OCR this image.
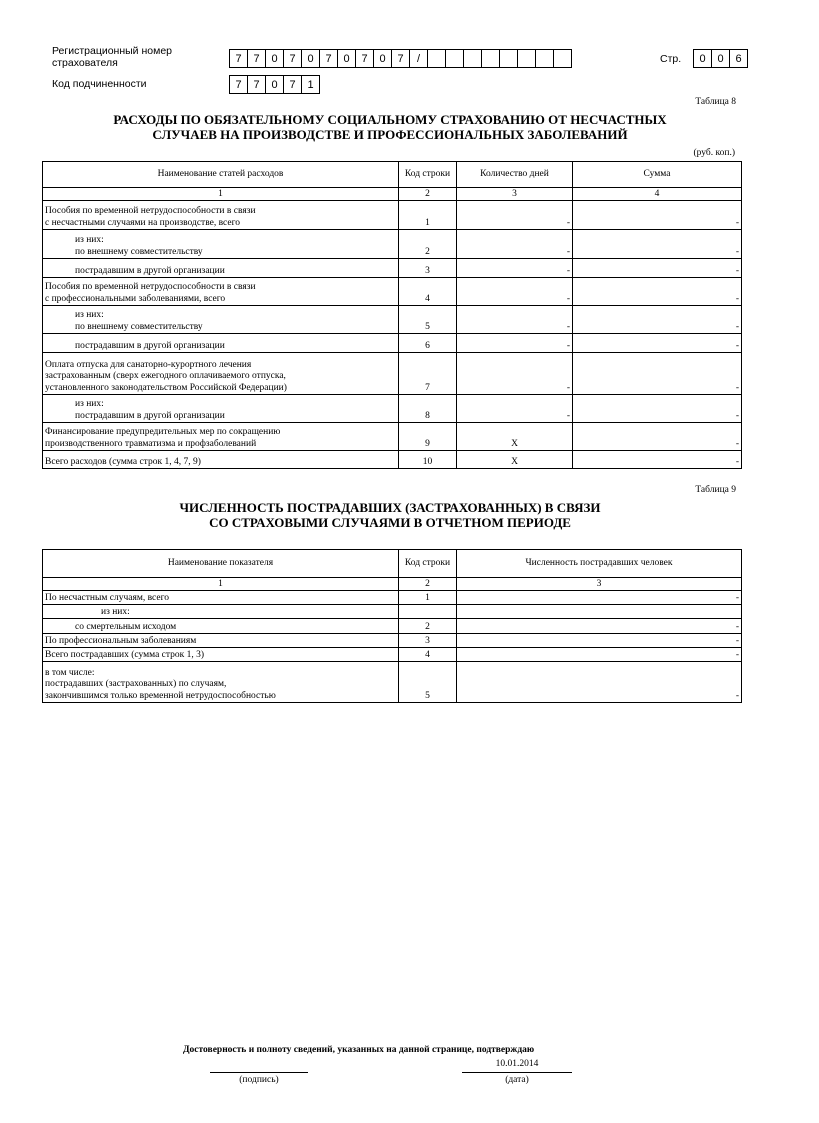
Регистрационный номер страхователя	7	7	0	7	0	7	0	7	0	7	/
Код подчиненности	7	7	0	7	1
Стр.	0	0	6
Таблица 8
РАСХОДЫ ПО ОБЯЗАТЕЛЬНОМУ СОЦИАЛЬНОМУ СТРАХОВАНИЮ ОТ НЕСЧАСТНЫХ
СЛУЧАЕВ НА ПРОИЗВОДСТВЕ И ПРОФЕССИОНАЛЬНЫХ ЗАБОЛЕВАНИЙ
(руб. коп.)
Наименование статей расходов	Код строки	Количество дней	Сумма
1	2	3	4

Пособия по временной нетрудоспособности в связи
с несчастными случаями на производстве, всего	1	-	-

из них:
по внешнему совместительству	2	-	-

пострадавшим в другой организации	3	-	-

Пособия по временной нетрудоспособности в связи
с профессиональными заболеваниями, всего	4	-	-

из них:
по внешнему совместительству	5	-	-

пострадавшим в другой организации	6	-	-

Оплата отпуска для санаторно-курортного лечения
застрахованным (сверх ежегодного оплачиваемого отпуска,
установленного законодательством Российской Федерации)	7	-	-

из них:
пострадавшим в другой организации	8	-	-

Финансирование предупредительных мер по сокращению
производственного травматизма и профзаболеваний	9	X	-

Всего расходов (сумма строк 1, 4, 7, 9)	10	X	-
Таблица 9
ЧИСЛЕННОСТЬ ПОСТРАДАВШИХ (ЗАСТРАХОВАННЫХ) В СВЯЗИ
СО СТРАХОВЫМИ СЛУЧАЯМИ В ОТЧЕТНОМ ПЕРИОДЕ
Наименование показателя	Код строки	Численность пострадавших человек
1	2	3

По несчастным случаям, всего	1	-

из них:		

со смертельным исходом	2	-

По профессиональным заболеваниям	3	-

Всего пострадавших (сумма строк 1, 3)	4	-

в том числе:
пострадавших (застрахованных) по случаям,
закончившимся только временной нетрудоспособностью	5	-
Достоверность и полноту сведений, указанных на данной странице, подтверждаю
(подпись)
10.01.2014
(дата)
